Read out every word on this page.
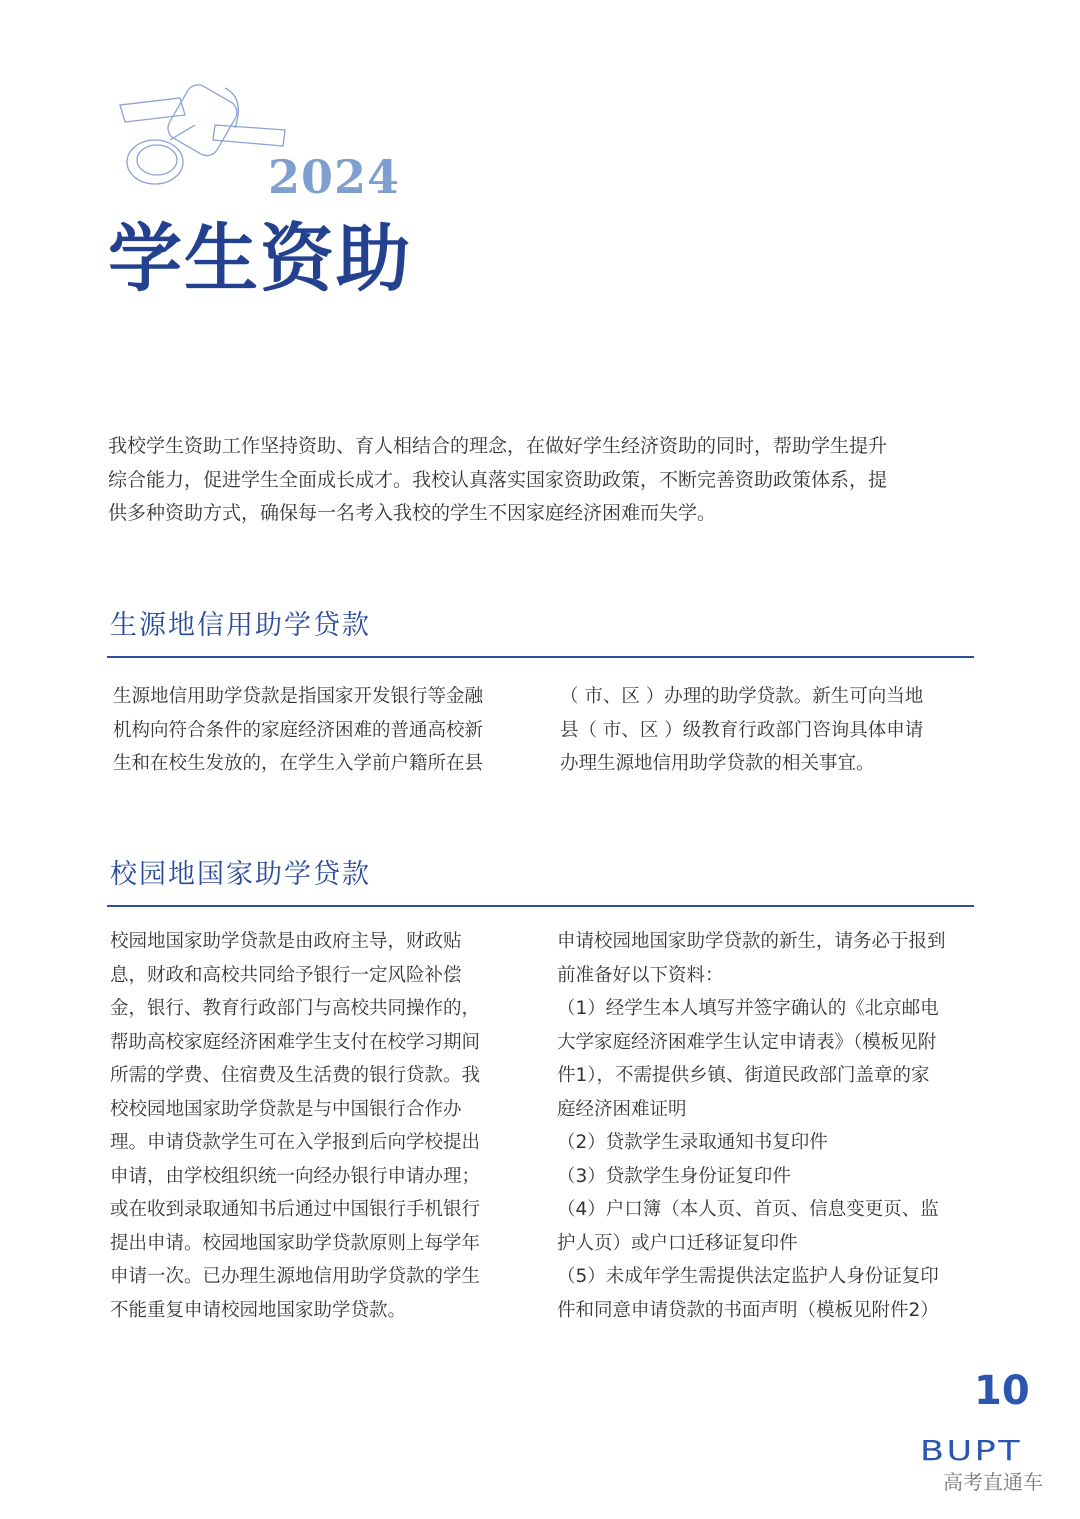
2024
学生资助
我校学生资助工作坚持资助、育人相结合的理念，在做好学生经济资助的同时，帮助学生提升
综合能力，促进学生全面成长成才。我校认真落实国家资助政策，不断完善资助政策体系，提
供多种资助方式，确保每一名考入我校的学生不因家庭经济困难而失学。
生源地信用助学贷款
生源地信用助学贷款是指国家开发银行等金融
机构向符合条件的家庭经济困难的普通高校新
生和在校生发放的，在学生入学前户籍所在县
（ 市、区 ）办理的助学贷款。新生可向当地
县（ 市、区 ）级教育行政部门咨询具体申请
办理生源地信用助学贷款的相关事宜。
校园地国家助学贷款
校园地国家助学贷款是由政府主导，财政贴
息，财政和高校共同给予银行一定风险补偿
金，银行、教育行政部门与高校共同操作的，
帮助高校家庭经济困难学生支付在校学习期间
所需的学费、住宿费及生活费的银行贷款。我
校校园地国家助学贷款是与中国银行合作办
理。申请贷款学生可在入学报到后向学校提出
申请，由学校组织统一向经办银行申请办理；
或在收到录取通知书后通过中国银行手机银行
提出申请。校园地国家助学贷款原则上每学年
申请一次。已办理生源地信用助学贷款的学生
不能重复申请校园地国家助学贷款。
申请校园地国家助学贷款的新生，请务必于报到
前准备好以下资料：
（1）经学生本人填写并签字确认的《北京邮电
大学家庭经济困难学生认定申请表》（模板见附
件1），不需提供乡镇、街道民政部门盖章的家
庭经济困难证明
（2）贷款学生录取通知书复印件
（3）贷款学生身份证复印件
（4）户口簿（本人页、首页、信息变更页、监
护人页）或户口迁移证复印件
（5）未成年学生需提供法定监护人身份证复印
件和同意申请贷款的书面声明（模板见附件2）
10
BUPT
高考直通车
